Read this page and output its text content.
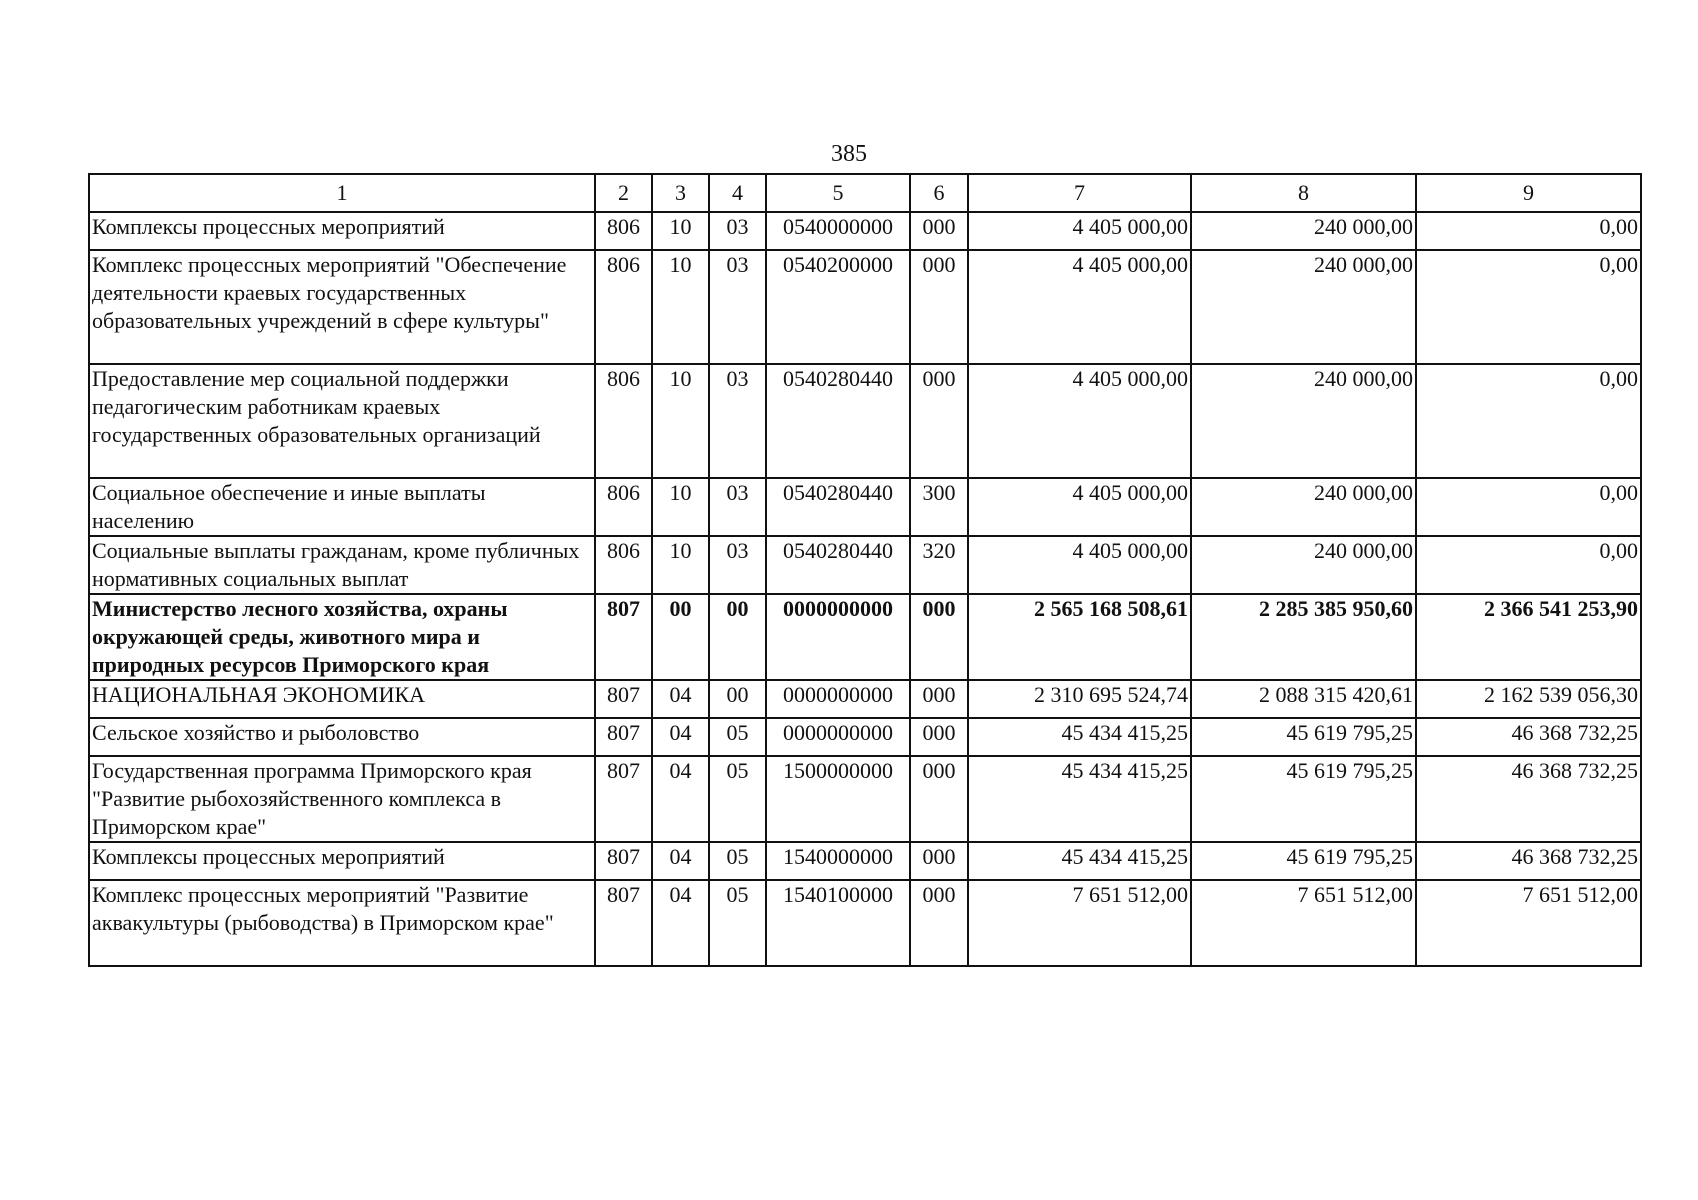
385
1	2	3	4	5	6	7	8	9
Комплексы процессных мероприятий	806	10	03	0540000000	000	4 405 000,00	240 000,00	0,00
Комплекс процессных мероприятий "Обеспечение деятельности краевых государственных образовательных учреждений в сфере культуры"	806	10	03	0540200000	000	4 405 000,00	240 000,00	0,00
Предоставление мер социальной поддержки педагогическим работникам краевых государственных образовательных организаций	806	10	03	0540280440	000	4 405 000,00	240 000,00	0,00
Социальное обеспечение и иные выплаты населению	806	10	03	0540280440	300	4 405 000,00	240 000,00	0,00
Социальные выплаты гражданам, кроме публичных нормативных социальных выплат	806	10	03	0540280440	320	4 405 000,00	240 000,00	0,00
Министерство лесного хозяйства, охраны окружающей среды, животного мира и природных ресурсов Приморского края	807	00	00	0000000000	000	2 565 168 508,61	2 285 385 950,60	2 366 541 253,90
НАЦИОНАЛЬНАЯ ЭКОНОМИКА	807	04	00	0000000000	000	2 310 695 524,74	2 088 315 420,61	2 162 539 056,30
Сельское хозяйство и рыболовство	807	04	05	0000000000	000	45 434 415,25	45 619 795,25	46 368 732,25
Государственная программа Приморского края "Развитие рыбохозяйственного комплекса в Приморском крае"	807	04	05	1500000000	000	45 434 415,25	45 619 795,25	46 368 732,25
Комплексы процессных мероприятий	807	04	05	1540000000	000	45 434 415,25	45 619 795,25	46 368 732,25
Комплекс процессных мероприятий "Развитие аквакультуры (рыбоводства) в Приморском крае"	807	04	05	1540100000	000	7 651 512,00	7 651 512,00	7 651 512,00
